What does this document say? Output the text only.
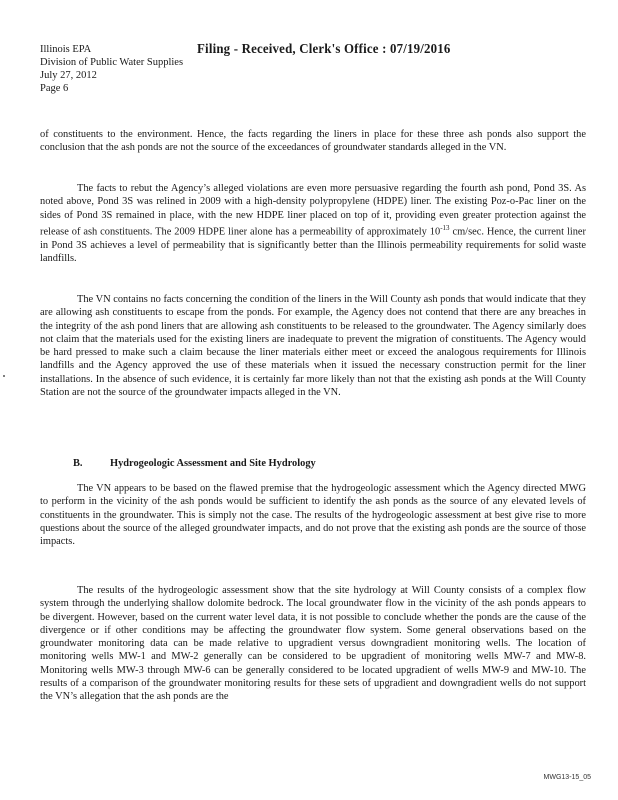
Illinois EPA
Division of Public Water Supplies
July 27, 2012
Page 6
Filing - Received, Clerk's Office : 07/19/2016

of constituents to the environment. Hence, the facts regarding the liners in place for these three ash ponds also support the conclusion that the ash ponds are not the source of the exceedances of groundwater standards alleged in the VN.

The facts to rebut the Agency’s alleged violations are even more persuasive regarding the fourth ash pond, Pond 3S. As noted above, Pond 3S was relined in 2009 with a high-density polypropylene (HDPE) liner. The existing Poz-o-Pac liner on the sides of Pond 3S remained in place, with the new HDPE liner placed on top of it, providing even greater protection against the release of ash constituents. The 2009 HDPE liner alone has a permeability of approximately $10^{-13}$ cm/sec. Hence, the current liner in Pond 3S achieves a level of permeability that is significantly better than the Illinois permeability requirements for solid waste landfills.

The VN contains no facts concerning the condition of the liners in the Will County ash ponds that would indicate that they are allowing ash constituents to escape from the ponds. For example, the Agency does not contend that there are any breaches in the integrity of the ash pond liners that are allowing ash constituents to be released to the groundwater. The Agency similarly does not claim that the materials used for the existing liners are inadequate to prevent the migration of constituents. The Agency would be hard pressed to make such a claim because the liner materials either meet or exceed the analogous requirements for Illinois landfills and the Agency approved the use of these materials when it issued the necessary construction permit for the liner installations. In the absence of such evidence, it is certainly far more likely than not that the existing ash ponds at the Will County Station are not the source of the groundwater impacts alleged in the VN.

B.	Hydrogeologic Assessment and Site Hydrology

The VN appears to be based on the flawed premise that the hydrogeologic assessment which the Agency directed MWG to perform in the vicinity of the ash ponds would be sufficient to identify the ash ponds as the source of any elevated levels of constituents in the groundwater. This is simply not the case. The results of the hydrogeologic assessment at best give rise to more questions about the source of the alleged groundwater impacts, and do not prove that the existing ash ponds are the source of those impacts.

The results of the hydrogeologic assessment show that the site hydrology at Will County consists of a complex flow system through the underlying shallow dolomite bedrock. The local groundwater flow in the vicinity of the ash ponds appears to be divergent. However, based on the current water level data, it is not possible to conclude whether the ponds are the cause of the divergence or if other conditions may be affecting the groundwater flow system. Some general observations based on the groundwater monitoring data can be made relative to upgradient versus downgradient monitoring wells. The location of monitoring wells MW-1 and MW-2 generally can be considered to be upgradient of monitoring wells MW-7 and MW-8. Monitoring wells MW-3 through MW-6 can be generally considered to be located upgradient of wells MW-9 and MW-10. The results of a comparison of the groundwater monitoring results for these sets of upgradient and downgradient wells do not support the VN’s allegation that the ash ponds are the

MWG13-15_05
